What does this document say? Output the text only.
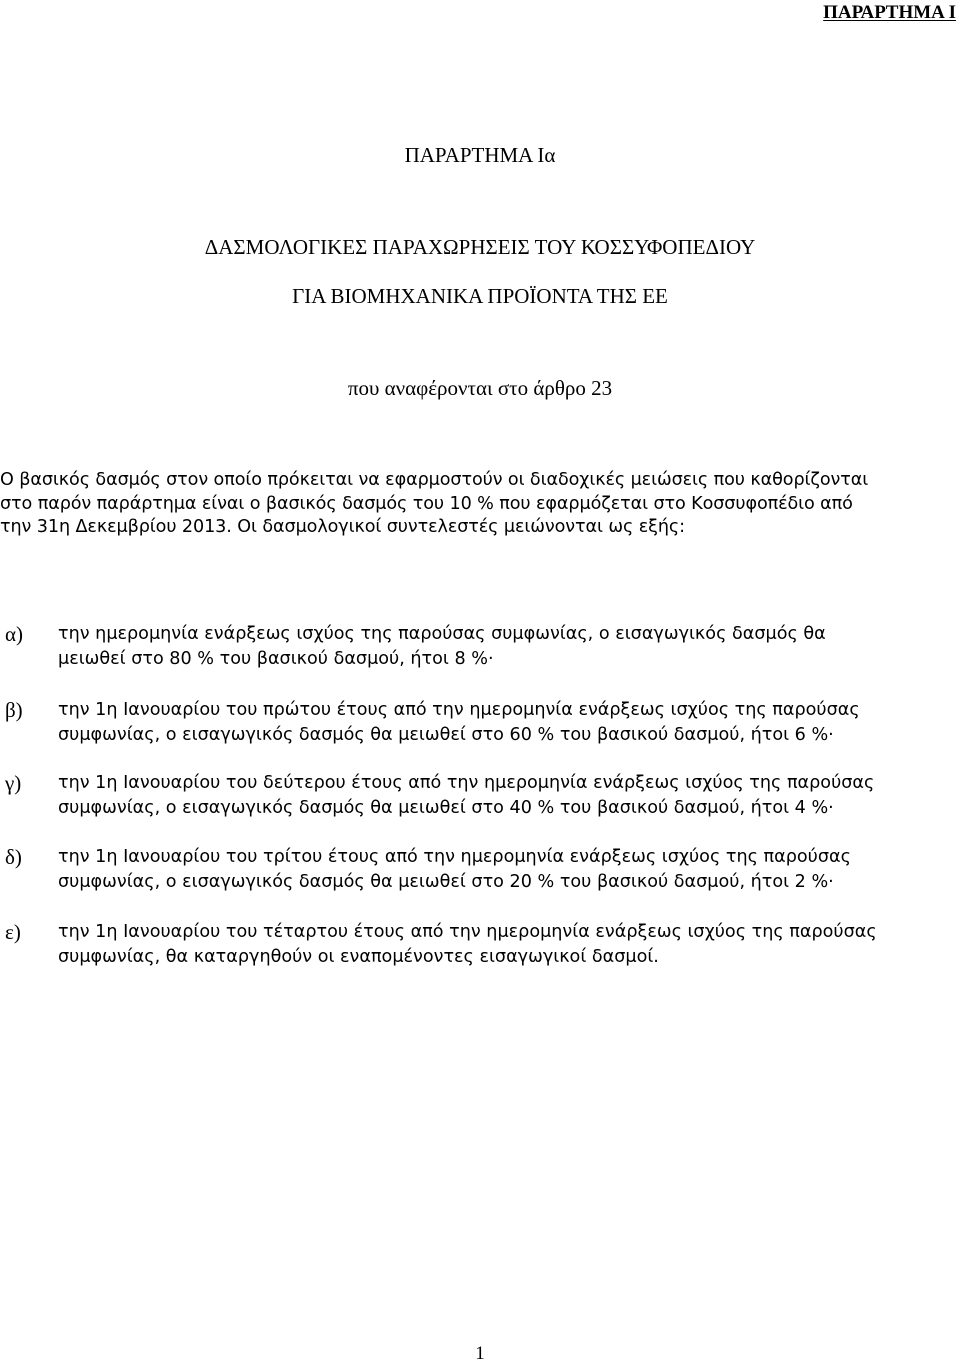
ΠΑΡΑΡΤΗΜΑ Ι
ΠΑΡΑΡΤΗΜΑ Ια
ΔΑΣΜΟΛΟΓΙΚΕΣ ΠΑΡΑΧΩΡΗΣΕΙΣ ΤΟΥ ΚΟΣΣΥΦΟΠΕΔΙΟΥ
ΓΙΑ ΒΙΟΜΗΧΑΝΙΚΑ ΠΡΟΪΟΝΤΑ ΤΗΣ ΕΕ
που αναφέρονται στο άρθρο 23
Ο βασικός δασμός στον οποίο πρόκειται να εφαρμοστούν οι διαδοχικές μειώσεις που καθορίζονται
στο παρόν παράρτημα είναι ο βασικός δασμός του 10 % που εφαρμόζεται στο Κοσσυφοπέδιο από
την 31η Δεκεμβρίου 2013. Οι δασμολογικοί συντελεστές μειώνονται ως εξής:
α) την ημερομηνία ενάρξεως ισχύος της παρούσας συμφωνίας, ο εισαγωγικός δασμός θα
μειωθεί στο 80 % του βασικού δασμού, ήτοι 8 %·
β) την 1η Ιανουαρίου του πρώτου έτους από την ημερομηνία ενάρξεως ισχύος της παρούσας
συμφωνίας, ο εισαγωγικός δασμός θα μειωθεί στο 60 % του βασικού δασμού, ήτοι 6 %·
γ) την 1η Ιανουαρίου του δεύτερου έτους από την ημερομηνία ενάρξεως ισχύος της παρούσας
συμφωνίας, ο εισαγωγικός δασμός θα μειωθεί στο 40 % του βασικού δασμού, ήτοι 4 %·
δ) την 1η Ιανουαρίου του τρίτου έτους από την ημερομηνία ενάρξεως ισχύος της παρούσας
συμφωνίας, ο εισαγωγικός δασμός θα μειωθεί στο 20 % του βασικού δασμού, ήτοι 2 %·
ε) την 1η Ιανουαρίου του τέταρτου έτους από την ημερομηνία ενάρξεως ισχύος της παρούσας
συμφωνίας, θα καταργηθούν οι εναπομένοντες εισαγωγικοί δασμοί.
1
